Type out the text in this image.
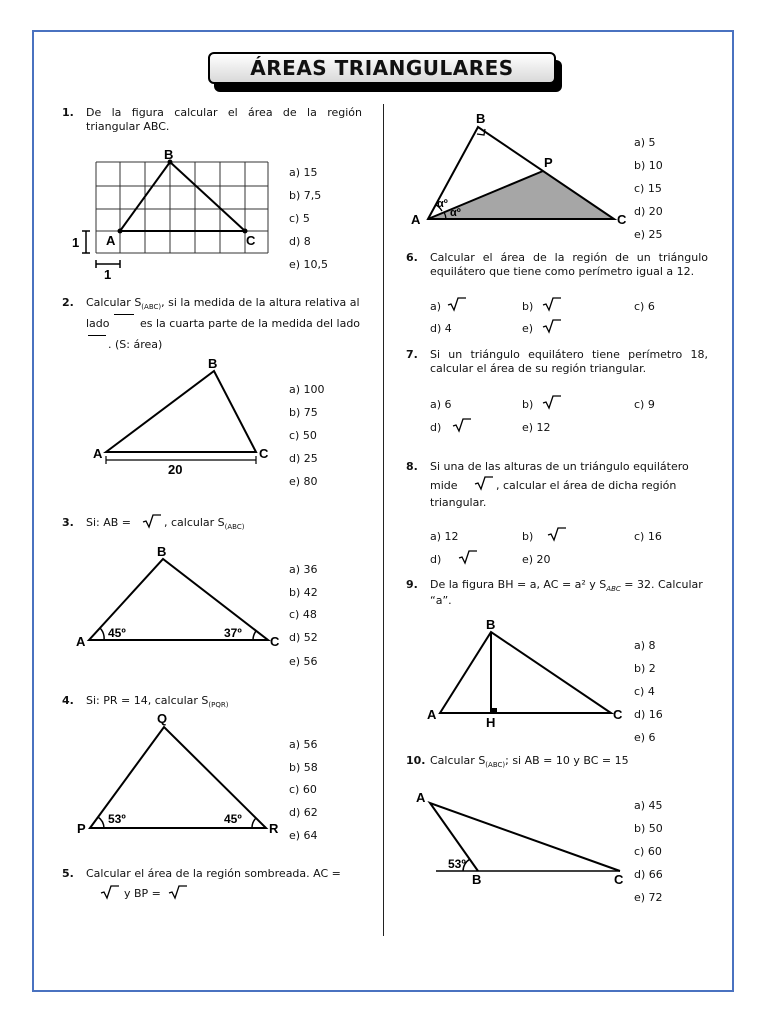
ÁREAS TRIANGULARES
1. De la figura calcular el área de la región triangular ABC.
B
A	C
1
1
a) 15
b) 7,5
c) 5
d) 8
e) 10,5
2. Calcular $S_{(ABC)}$, si la medida de la altura relativa al
lado	es la cuarta parte de la medida del lado
. (S: área)
B
A	C
20
a) 100
b) 75
c) 50
d) 25
e) 80
3. Si: AB =	, calcular $S_{(ABC)}$
B
A	C
45º	37º
a) 36
b) 42
c) 48
d) 52
e) 56
4. Si: PR = 14, calcular $S_{(PQR)}$
Q
P	R
53º	45º
a) 56
b) 58
c) 60
d) 62
e) 64
5. Calcular el área de la región sombreada. AC =
y BP =
B
P
A	C
αº
αº
a) 5
b) 10
c) 15
d) 20
e) 25
6. Calcular el área de la región de un triángulo equilátero que tiene como perímetro igual a 12.
a)	b)	c) 6
d) 4	e)
7. Si un triángulo equilátero tiene perímetro 18, calcular el área de su región triangular.
a) 6	b)	c) 9
d)	e) 12
8. Si una de las alturas de un triángulo equilátero
mide	, calcular el área de dicha región
triangular.
a) 12	b)	c) 16
d)	e) 20
9. De la figura BH = a, AC = a² y $S_{ABC} = 32$. Calcular
“a”.
B
A
H
C
a) 8
b) 2
c) 4
d) 16
e) 6
10. Calcular $S_{(ABC)}$; si AB = 10 y BC = 15
A
B	C
53º
a) 45
b) 50
c) 60
d) 66
e) 72
